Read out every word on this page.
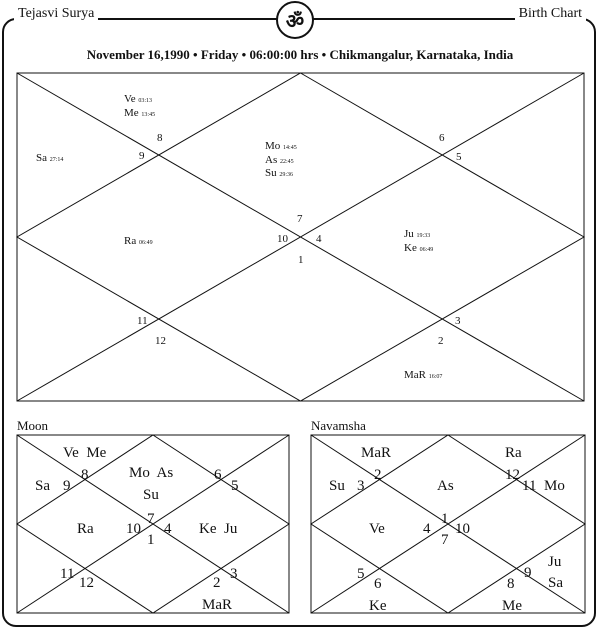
Tejasvi Surya	Birth Chart
ॐ
November 16,1990 • Friday • 06:00:00 hrs • Chikmangalur, Karnataka, India
8
9
6
5
7
10	4
1
11
12
3
2
Ve 03:13
Me 13:45
Sa 27:14
Mo 14:45
As 22:45
Su 29:36
Ra 06:49
Ju 19:33
Ke 06:49
MaR 16:07
Moon
8
9
6
5
7
10 4
1
11
12
3
2
Ve  Me
Sa
Mo  As
Su
Ra	Ke  Ju
MaR
Navamsha
2
3
12
11
1
4 10
7
5
6
9
8
MaR	Ra
Su	As	Mo
Ve
Ju
Sa
Ke	Me
